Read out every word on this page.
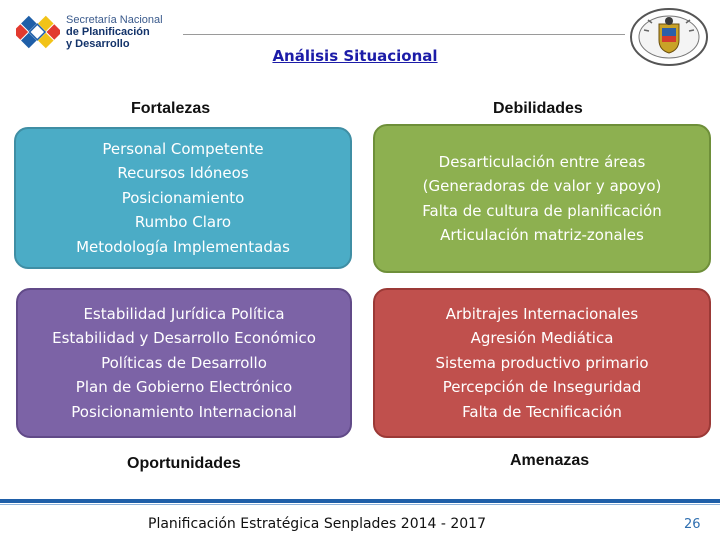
Secretaría Nacional
de Planificación
y Desarrollo
Análisis Situacional
Fortalezas	Debilidades
Oportunidades	Amenazas
Personal Competente
Recursos Idóneos
Posicionamiento
Rumbo Claro
Metodología Implementadas
Desarticulación entre áreas
(Generadoras de valor y apoyo)
Falta de cultura de planificación
Articulación matriz-zonales
Estabilidad Jurídica Política
Estabilidad y Desarrollo Económico
Políticas de Desarrollo
Plan de Gobierno Electrónico
Posicionamiento Internacional
Arbitrajes Internacionales
Agresión Mediática
Sistema productivo primario
Percepción de Inseguridad
Falta de Tecnificación
Planificación Estratégica Senplades 2014 - 2017	26
